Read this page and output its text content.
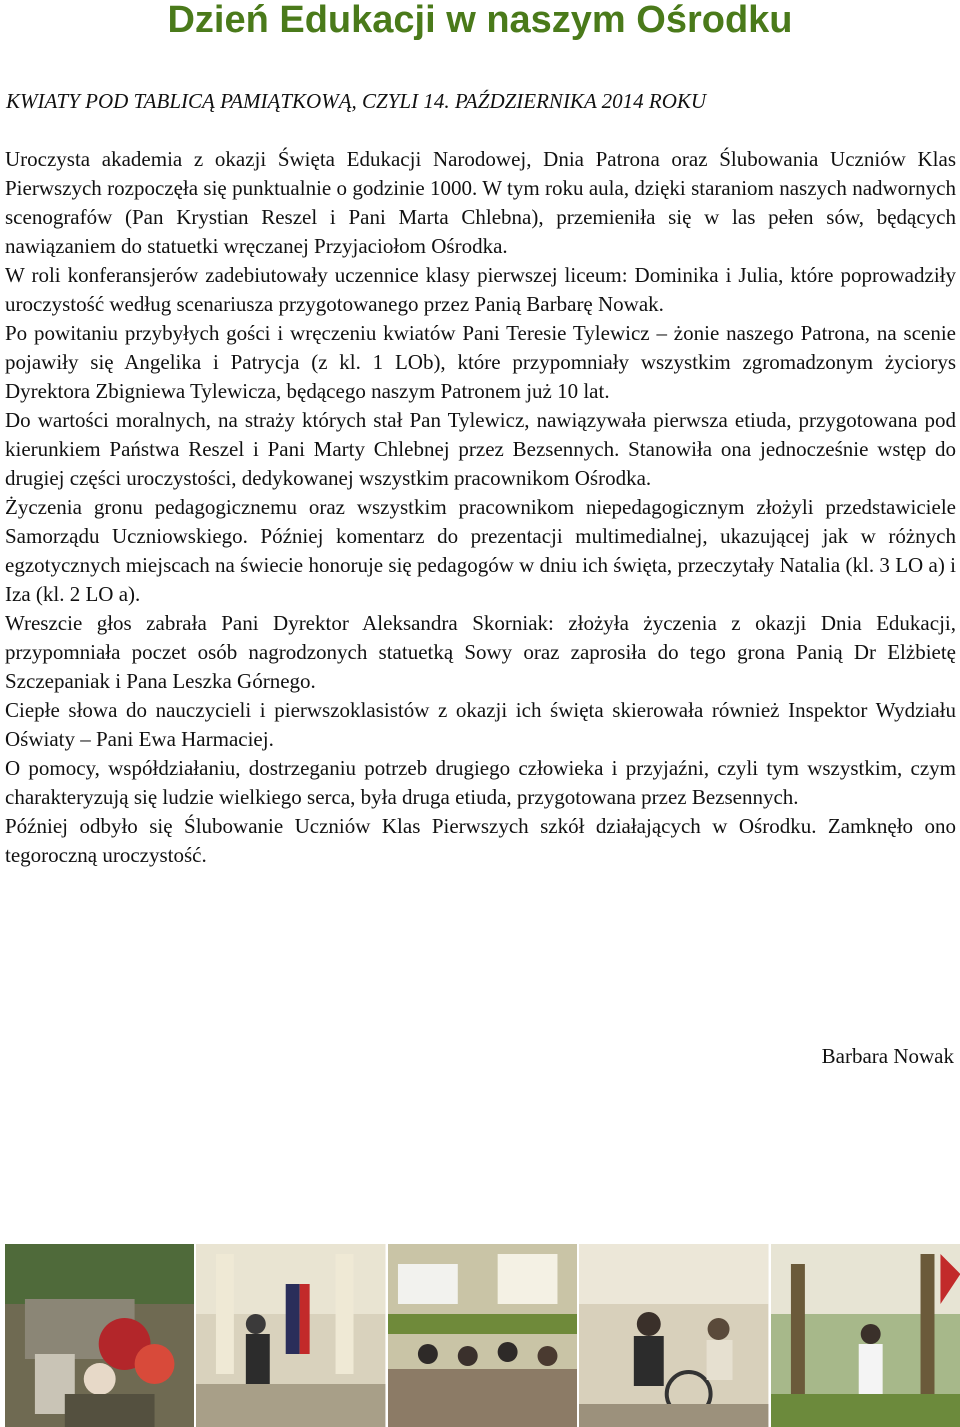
Dzień Edukacji w naszym Ośrodku
KWIATY POD TABLICĄ PAMIĄTKOWĄ, CZYLI 14. PAŹDZIERNIKA 2014 ROKU

Uroczysta akademia z okazji Święta Edukacji Narodowej, Dnia Patrona oraz Ślubowania Uczniów Klas Pierwszych rozpoczęła się punktualnie o godzinie 1000. W tym roku aula, dzięki staraniom naszych nadwornych scenografów (Pan Krystian Reszel i Pani Marta Chlebna), przemieniła się w las pełen sów, będących nawiązaniem do statuetki wręczanej Przyjaciołom Ośrodka.

W roli konferansjerów zadebiutowały uczennice klasy pierwszej liceum: Dominika i Julia, które poprowadziły uroczystość według scenariusza przygotowanego przez Panią Barbarę Nowak.

Po powitaniu przybyłych gości i wręczeniu kwiatów Pani Teresie Tylewicz – żonie naszego Patrona, na scenie pojawiły się Angelika i Patrycja (z kl. 1 LOb), które przypomniały wszystkim zgromadzonym życiorys Dyrektora Zbigniewa Tylewicza, będącego naszym Patronem już 10 lat.

Do wartości moralnych, na straży których stał Pan Tylewicz, nawiązywała pierwsza etiuda, przygotowana pod kierunkiem Państwa Reszel i Pani Marty Chlebnej przez Bezsennych. Stanowiła ona jednocześnie wstęp do drugiej części uroczystości, dedykowanej wszystkim pracownikom Ośrodka.

Życzenia gronu pedagogicznemu oraz wszystkim pracownikom niepedagogicznym złożyli przedstawiciele Samorządu Uczniowskiego. Później komentarz do prezentacji multimedialnej, ukazującej jak w różnych egzotycznych miejscach na świecie honoruje się pedagogów w dniu ich święta, przeczytały Natalia (kl. 3 LO a) i Iza (kl. 2 LO a).

Wreszcie głos zabrała Pani Dyrektor Aleksandra Skorniak: złożyła życzenia z okazji Dnia Edukacji, przypomniała poczet osób nagrodzonych statuetką Sowy oraz zaprosiła do tego grona Panią Dr Elżbietę Szczepaniak i Pana Leszka Górnego.

Ciepłe słowa do nauczycieli i pierwszoklasistów z okazji ich święta skierowała również Inspektor Wydziału Oświaty – Pani Ewa Harmaciej.

O pomocy, współdziałaniu, dostrzeganiu potrzeb drugiego człowieka i przyjaźni, czyli tym wszystkim, czym charakteryzują się ludzie wielkiego serca, była druga etiuda, przygotowana przez Bezsennych.

Później odbyło się Ślubowanie Uczniów Klas Pierwszych szkół działających w Ośrodku. Zamknęło ono tegoroczną uroczystość.

Barbara Nowak
